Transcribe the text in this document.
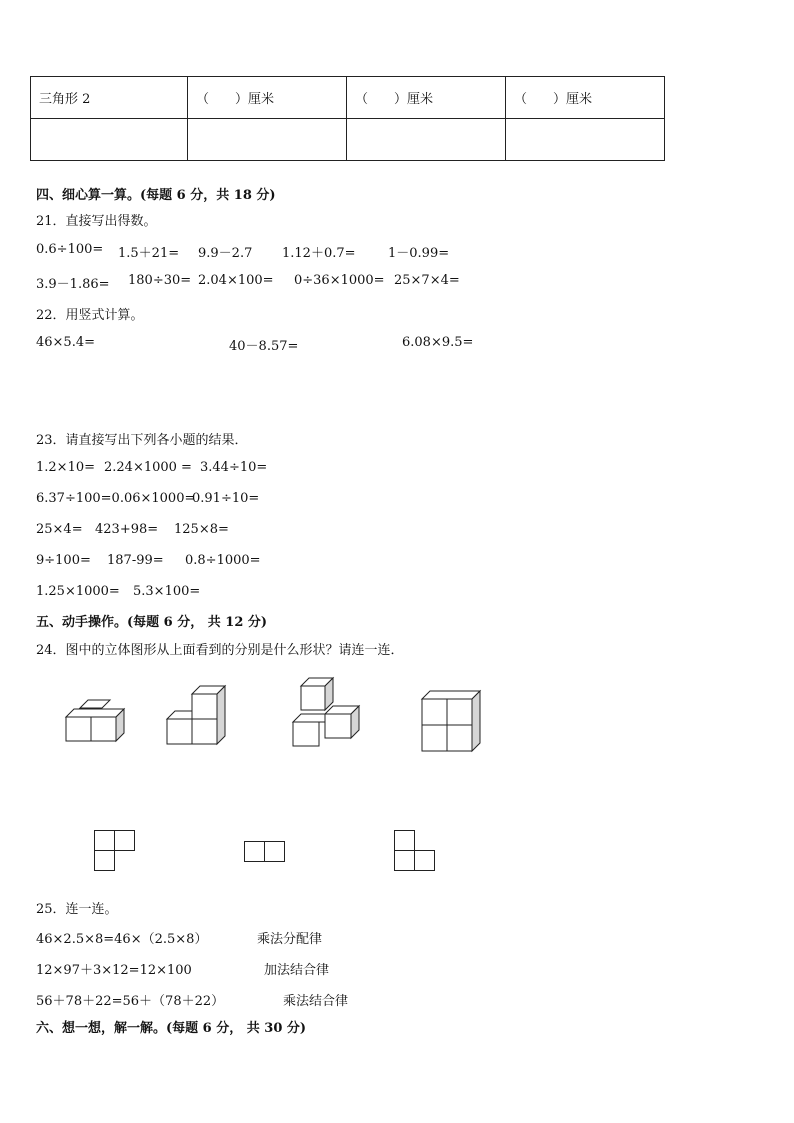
三角形 2	（　　）厘米	（　　）厘米	（　　）厘米

四、细心算一算。(每题 6 分，共 18 分)
21．直接写出得数。
0.6÷100= 1.5＋21= 9.9－2.7 1.12＋0.7= 1－0.99=
3.9－1.86= 180÷30= 2.04×100= 0÷36×1000= 25×7×4=
22．用竖式计算。
46×5.4=	40－8.57=	6.08×9.5=
23．请直接写出下列各小题的结果．
1.2×10= 2.24×1000 = 3.44÷10=
6.37÷100=0.06×1000=
0.91÷10=
25×4= 423+98= 125×8=
9÷100= 187-99= 0.8÷1000=
1.25×1000= 5.3×100=
五、动手操作。(每题 6 分， 共 12 分)
24．图中的立体图形从上面看到的分别是什么形状？请连一连．
25．连一连。
46×2.5×8=46×（2.5×8）	乘法分配律
12×97＋3×12=12×100	加法结合律
56＋78＋22=56＋（78＋22）	乘法结合律
六、想一想，解一解。(每题 6 分， 共 30 分)
